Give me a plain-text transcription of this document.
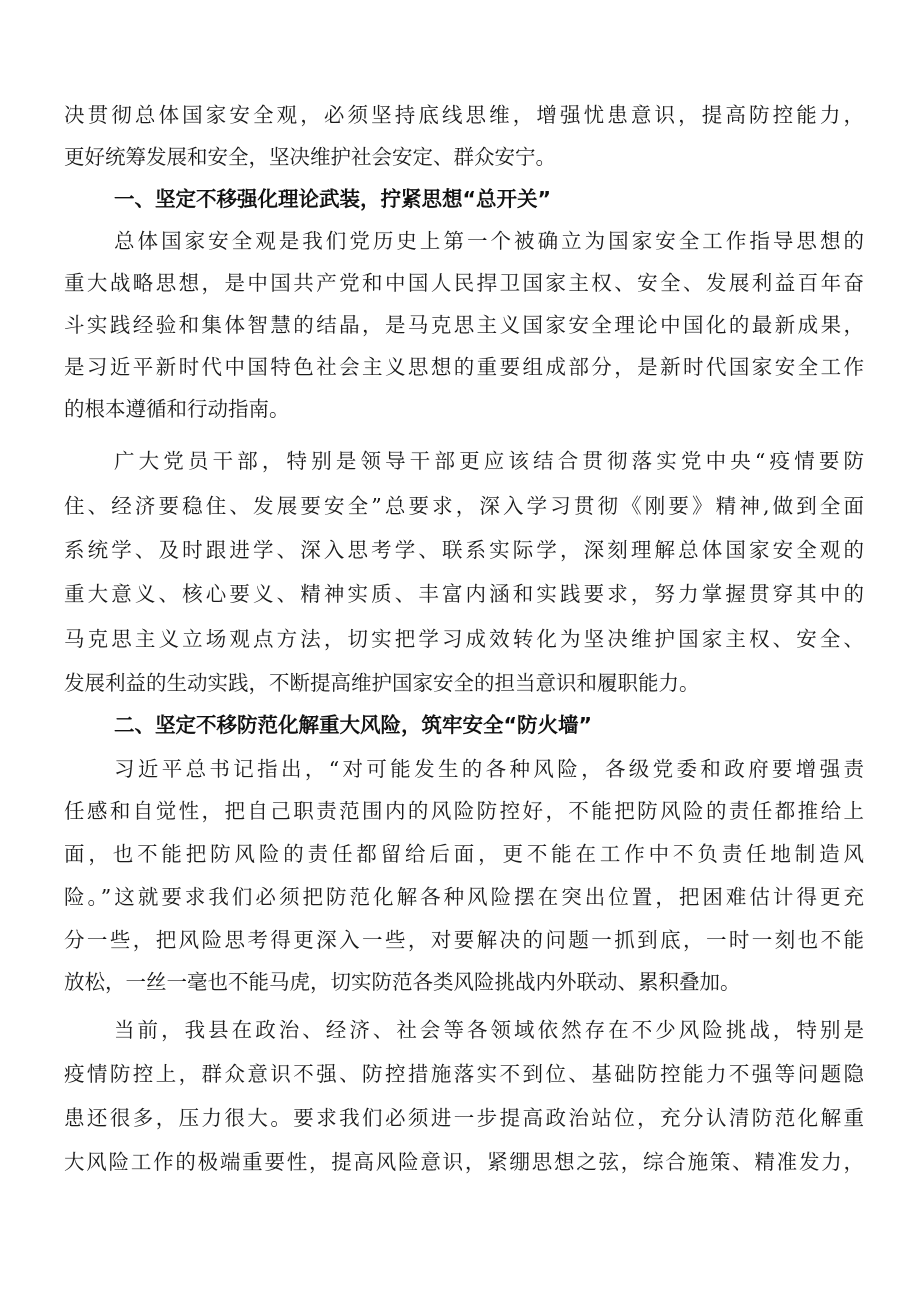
决贯彻总体国家安全观，必须坚持底线思维，增强忧患意识，提高防控能力，
更好统筹发展和安全，坚决维护社会安定、群众安宁。
一、坚定不移强化理论武装，拧紧思想“总开关”
总体国家安全观是我们党历史上第一个被确立为国家安全工作指导思想的
重大战略思想，是中国共产党和中国人民捍卫国家主权、安全、发展利益百年奋
斗实践经验和集体智慧的结晶，是马克思主义国家安全理论中国化的最新成果，
是习近平新时代中国特色社会主义思想的重要组成部分，是新时代国家安全工作
的根本遵循和行动指南。
广大党员干部，特别是领导干部更应该结合贯彻落实党中央“疫情要防
住、经济要稳住、发展要安全”总要求，深入学习贯彻《刚要》精神,做到全面
系统学、及时跟进学、深入思考学、联系实际学，深刻理解总体国家安全观的
重大意义、核心要义、精神实质、丰富内涵和实践要求，努力掌握贯穿其中的
马克思主义立场观点方法，切实把学习成效转化为坚决维护国家主权、安全、
发展利益的生动实践，不断提高维护国家安全的担当意识和履职能力。
二、坚定不移防范化解重大风险，筑牢安全“防火墙”
习近平总书记指出，“对可能发生的各种风险，各级党委和政府要增强责
任感和自觉性，把自己职责范围内的风险防控好，不能把防风险的责任都推给上
面，也不能把防风险的责任都留给后面，更不能在工作中不负责任地制造风
险。”这就要求我们必须把防范化解各种风险摆在突出位置，把困难估计得更充
分一些，把风险思考得更深入一些，对要解决的问题一抓到底，一时一刻也不能
放松，一丝一毫也不能马虎，切实防范各类风险挑战内外联动、累积叠加。
当前，我县在政治、经济、社会等各领域依然存在不少风险挑战，特别是
疫情防控上，群众意识不强、防控措施落实不到位、基础防控能力不强等问题隐
患还很多，压力很大。要求我们必须进一步提高政治站位，充分认清防范化解重
大风险工作的极端重要性，提高风险意识，紧绷思想之弦，综合施策、精准发力，
